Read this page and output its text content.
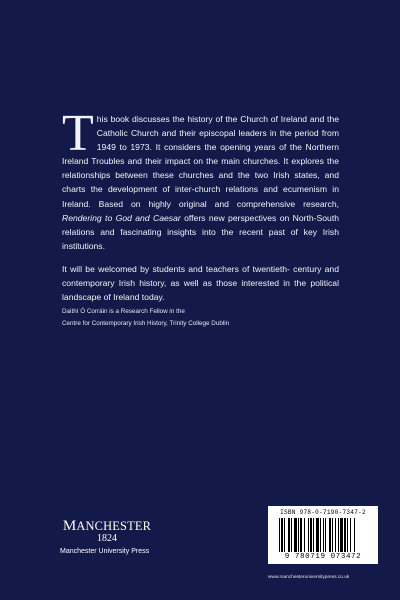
This book discusses the history of the Church of Ireland and the Catholic Church and their episcopal leaders in the period from 1949 to 1973. It considers the opening years of the Northern Ireland Troubles and their impact on the main churches. It explores the relationships between these churches and the two Irish states, and charts the development of inter-church relations and ecumenism in Ireland. Based on highly original and comprehensive research, Rendering to God and Caesar offers new perspectives on North-South relations and fascinating insights into the recent past of key Irish institutions.

It will be welcomed by students and teachers of twentieth- century and contemporary Irish history, as well as those interested in the political landscape of Ireland today.

Daithí Ó Corráin is a Research Fellow in the

Centre for Contemporary Irish History, Trinity College Dublin

MANCHESTER
1824
Manchester University Press
ISBN 978-0-7190-7347-2
9 780719 073472
www.manchesteruniversitypress.co.uk
